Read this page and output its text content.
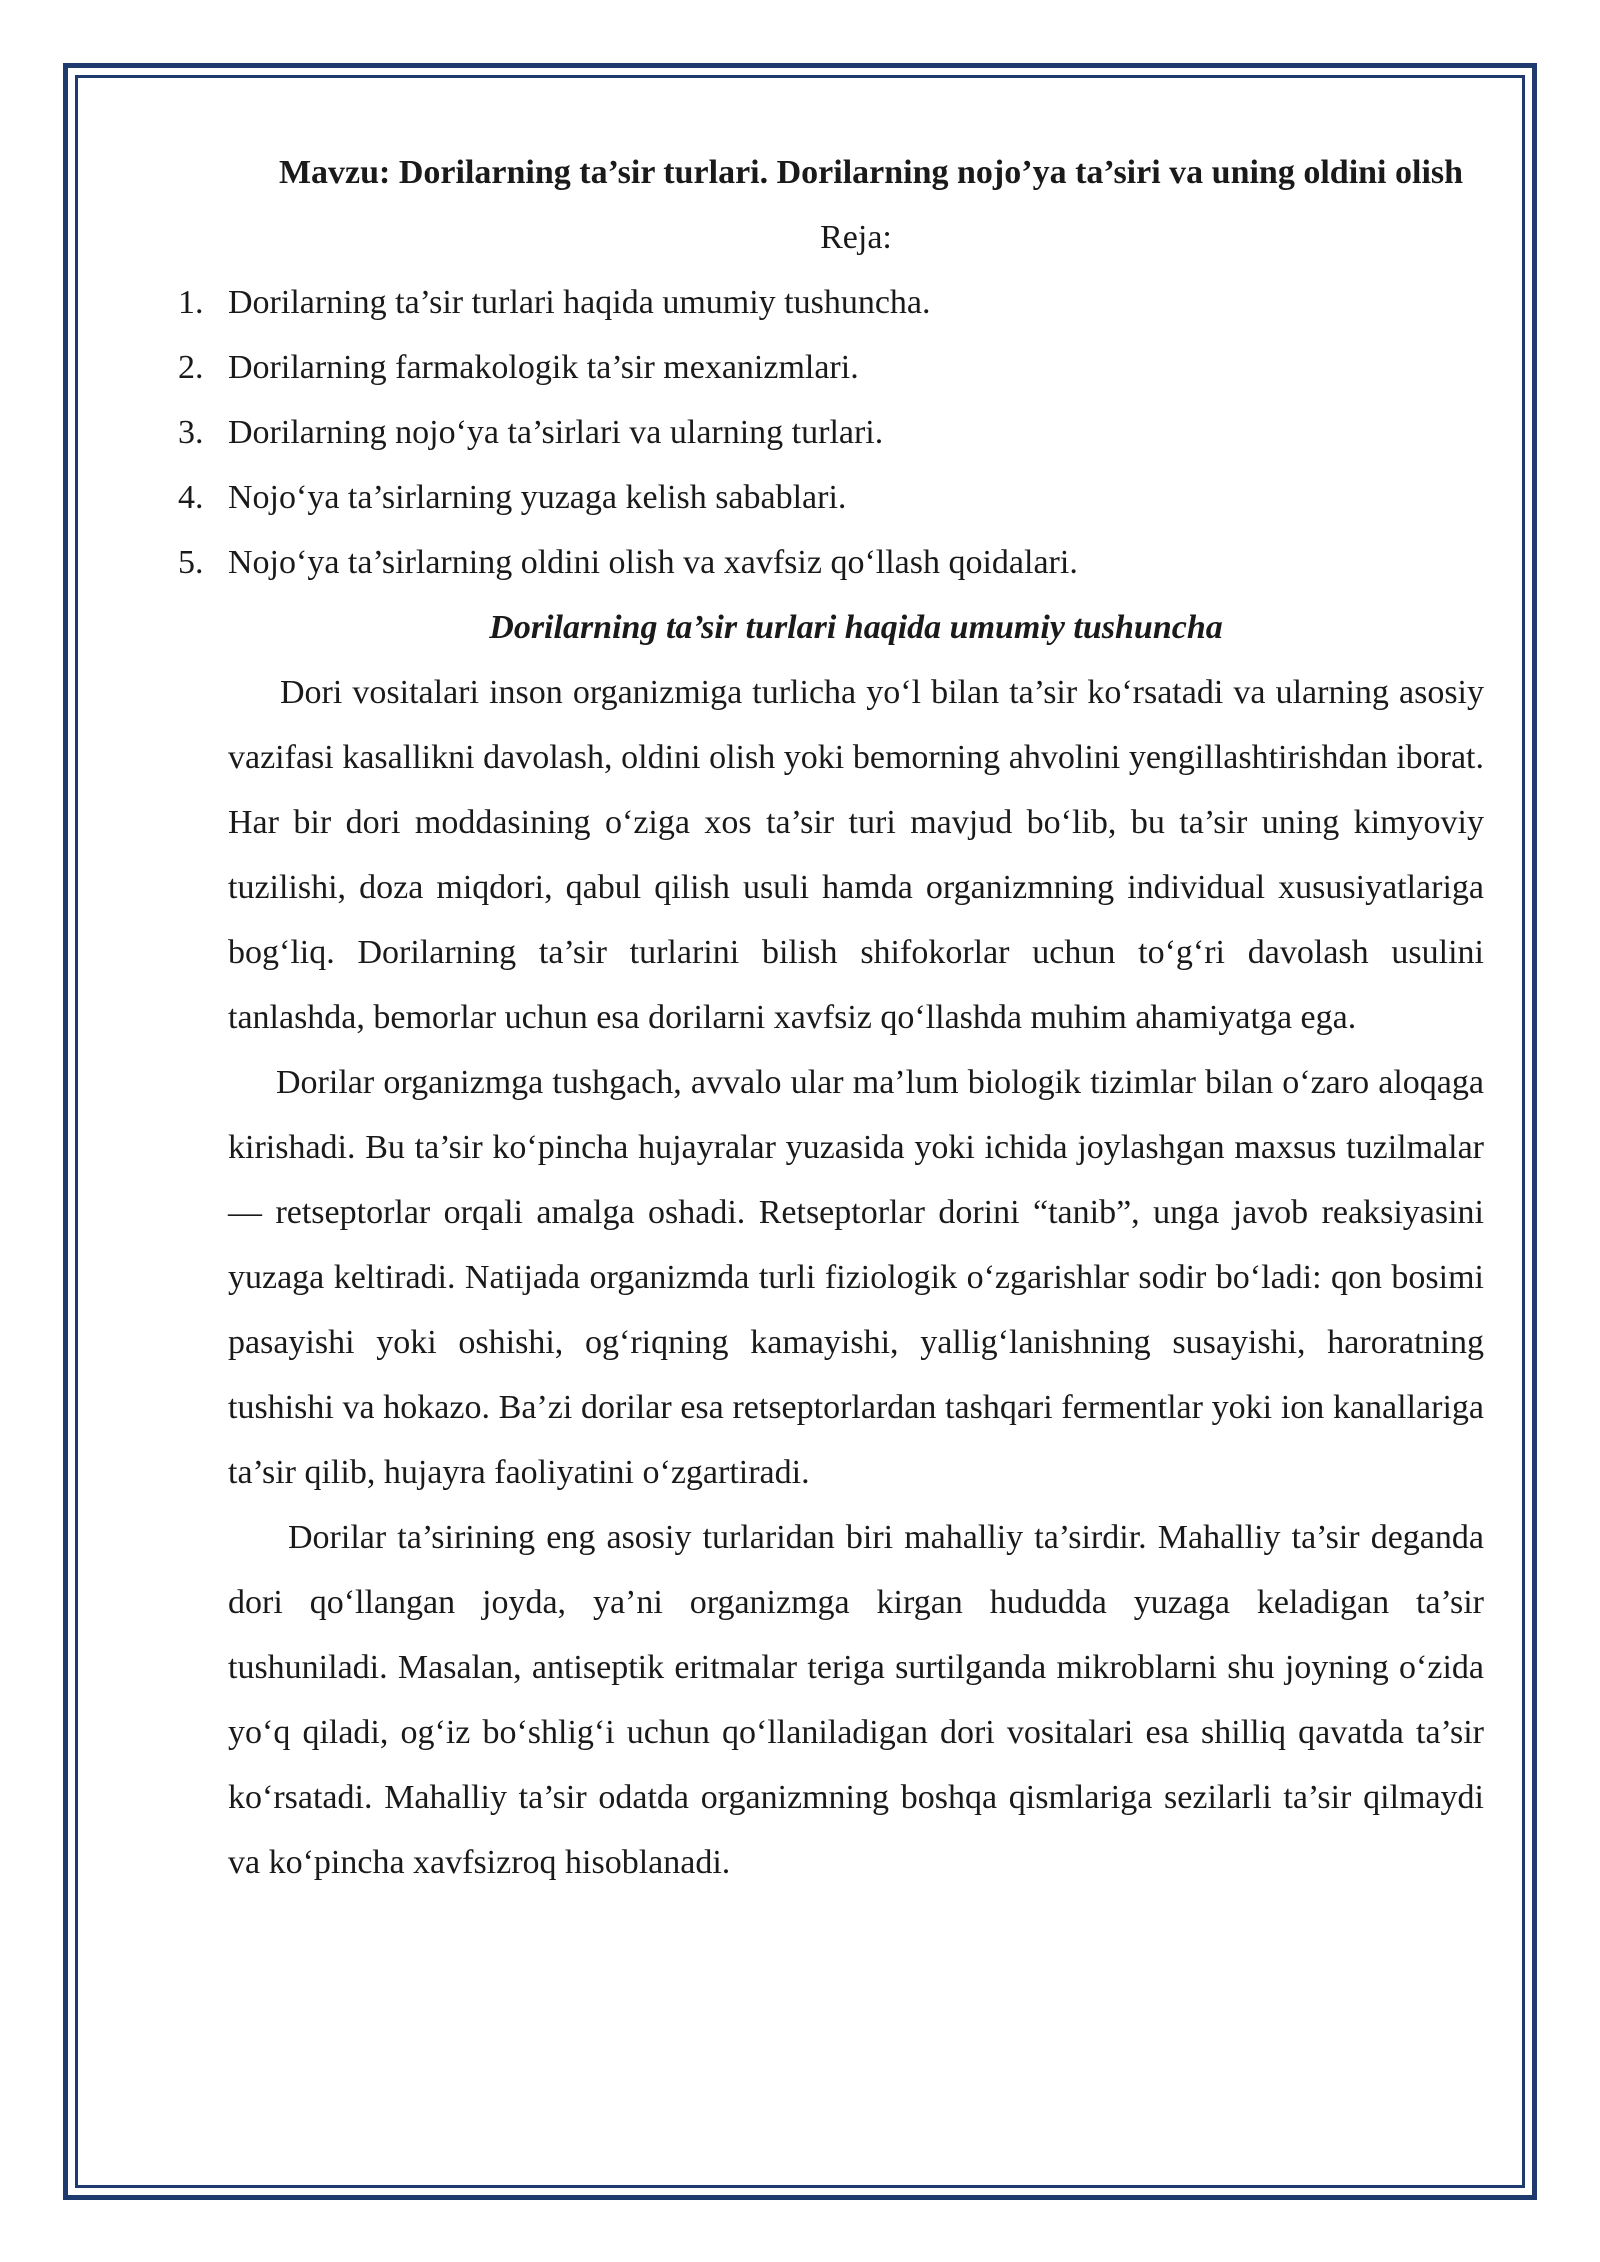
Mavzu: Dorilarning ta’sir turlari. Dorilarning nojo’ya ta’siri va uning oldini olish

Reja:

1. Dorilarning ta’sir turlari haqida umumiy tushuncha.
2. Dorilarning farmakologik ta’sir mexanizmlari.
3. Dorilarning nojo‘ya ta’sirlari va ularning turlari.
4. Nojo‘ya ta’sirlarning yuzaga kelish sabablari.
5. Nojo‘ya ta’sirlarning oldini olish va xavfsiz qo‘llash qoidalari.

Dorilarning ta’sir turlari haqida umumiy tushuncha

Dori vositalari inson organizmiga turlicha yo‘l bilan ta’sir ko‘rsatadi va ularning asosiy vazifasi kasallikni davolash, oldini olish yoki bemorning ahvolini yengillashtirishdan iborat. Har bir dori moddasining o‘ziga xos ta’sir turi mavjud bo‘lib, bu ta’sir uning kimyoviy tuzilishi, doza miqdori, qabul qilish usuli hamda organizmning individual xususiyatlariga bog‘liq. Dorilarning ta’sir turlarini bilish shifokorlar uchun to‘g‘ri davolash usulini tanlashda, bemorlar uchun esa dorilarni xavfsiz qo‘llashda muhim ahamiyatga ega.

Dorilar organizmga tushgach, avvalo ular ma’lum biologik tizimlar bilan o‘zaro aloqaga kirishadi. Bu ta’sir ko‘pincha hujayralar yuzasida yoki ichida joylashgan maxsus tuzilmalar — retseptorlar orqali amalga oshadi. Retseptorlar dorini “tanib”, unga javob reaksiyasini yuzaga keltiradi. Natijada organizmda turli fiziologik o‘zgarishlar sodir bo‘ladi: qon bosimi pasayishi yoki oshishi, og‘riqning kamayishi, yallig‘lanishning susayishi, haroratning tushishi va hokazo. Ba’zi dorilar esa retseptorlardan tashqari fermentlar yoki ion kanallariga ta’sir qilib, hujayra faoliyatini o‘zgartiradi.

Dorilar ta’sirining eng asosiy turlaridan biri mahalliy ta’sirdir. Mahalliy ta’sir deganda dori qo‘llangan joyda, ya’ni organizmga kirgan hududda yuzaga keladigan ta’sir tushuniladi. Masalan, antiseptik eritmalar teriga surtilganda mikroblarni shu joyning o‘zida yo‘q qiladi, og‘iz bo‘shlig‘i uchun qo‘llaniladigan dori vositalari esa shilliq qavatda ta’sir ko‘rsatadi. Mahalliy ta’sir odatda organizmning boshqa qismlariga sezilarli ta’sir qilmaydi va ko‘pincha xavfsizroq hisoblanadi.
